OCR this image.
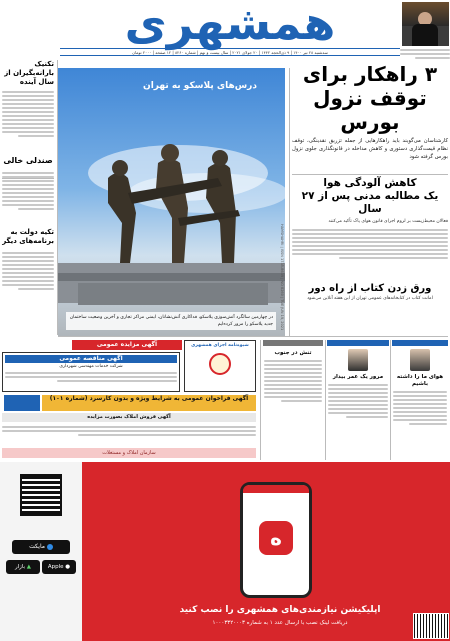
همشهری
سه‌شنبه ۲۸ تیر ۱۴۰۰ | ۹ ذی‌الحجه ۱۴۴۲ | ۲۰ جولای ۲۰۲۱ | سال بیست و نهم | شماره ۸۲۶۰ | ۱۲ صفحه | ۲۰۰۰ تومان
تکنیک بارانه‌بگیران از سال آینده
صندلی خالی
تکیه دولت به برنامه‌های دیگر
درس‌های پلاسکو به تهران
در چهارمین سالگرد آتش‌سوزی پلاسکو، فداکاری آتش‌نشانان، ایمنی مراکز تجاری و آخرین وضعیت ساختمان جدید پلاسکو را مرور کرده‌ایم	HAMSHAHRI | ISSN 1735-8639 | NO 8260 | TUE JUN 19, 2021
۳ راهکار برای
توقف نزول بورس
کارشناسان می‌گویند باید راهکارهایی از جمله تزریق نقدینگی، توقف نظام قیمت‌گذاری دستوری و کاهش مداخله در قانونگذاری جلوی نزول بورس گرفته شود
کاهش آلودگی هوا
یک مطالبه مدنی پس از ۲۷ سال
فعالان محیط‌زیست بر لزوم اجرای قانون هوای پاک تأکید می‌کنند
ورق زدن کتاب از راه دور
امانت کتاب در کتابخانه‌های عمومی تهران از این هفته آنلاین می‌شود
آگهی مزایده عمومی
آگهی مناقصه عمومی
شرکت خدمات مهندسی شهرداری
شیوه‌نامه اجرای همشهری
آگهی فراخوان عمومی به شرایط ویژه و بدون کارسرد (شماره ۱۰۱)
آگهی فروش املاک بصورت مزایده
سازمان املاک و مستغلات
هوای ما را داشته باشیم
مرور یک عمر بیدار
تنش در جنوب
مایکت
● Apple
▲ بازار
ه
اپلیکیشن نیازمندی‌های همشهری را نصب کنید
دریافت لینک نصب با ارسال عدد ۱ به شماره ۱۰۰۰۳۳۲۰۰۰۳
